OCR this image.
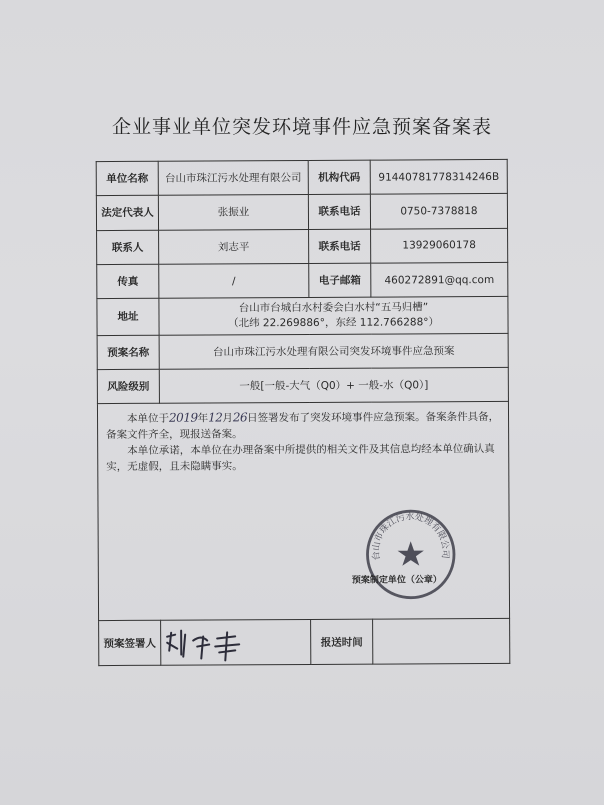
企业事业单位突发环境事件应急预案备案表
单位名称	台山市珠江污水处理有限公司	机构代码	91440781778314246B
法定代表人	张振业	联系电话	0750-7378818
联系人	刘志平	联系电话	13929060178
传真	/	电子邮箱	460272891@qq.com
地址	台山市台城白水村委会白水村“五马归槽”
（北纬 22.269886°，东经 112.766288°）		

预案名称	台山市珠江污水处理有限公司突发环境事件应急预案		
风险级别	一般[一般-大气（Q0）+ 一般-水（Q0）]		

本单位于2019年12月26日签署发布了突发环境事件应急预案。备案条件具备，备案文件齐全，现报送备案。

本单位承诺，本单位在办理备案中所提供的相关文件及其信息均经本单位确认真实，无虚假，且未隐瞒事实。

台山市珠江污水处理有限公司
预案制定单位（公章）			

预案签署人		报送时间	
